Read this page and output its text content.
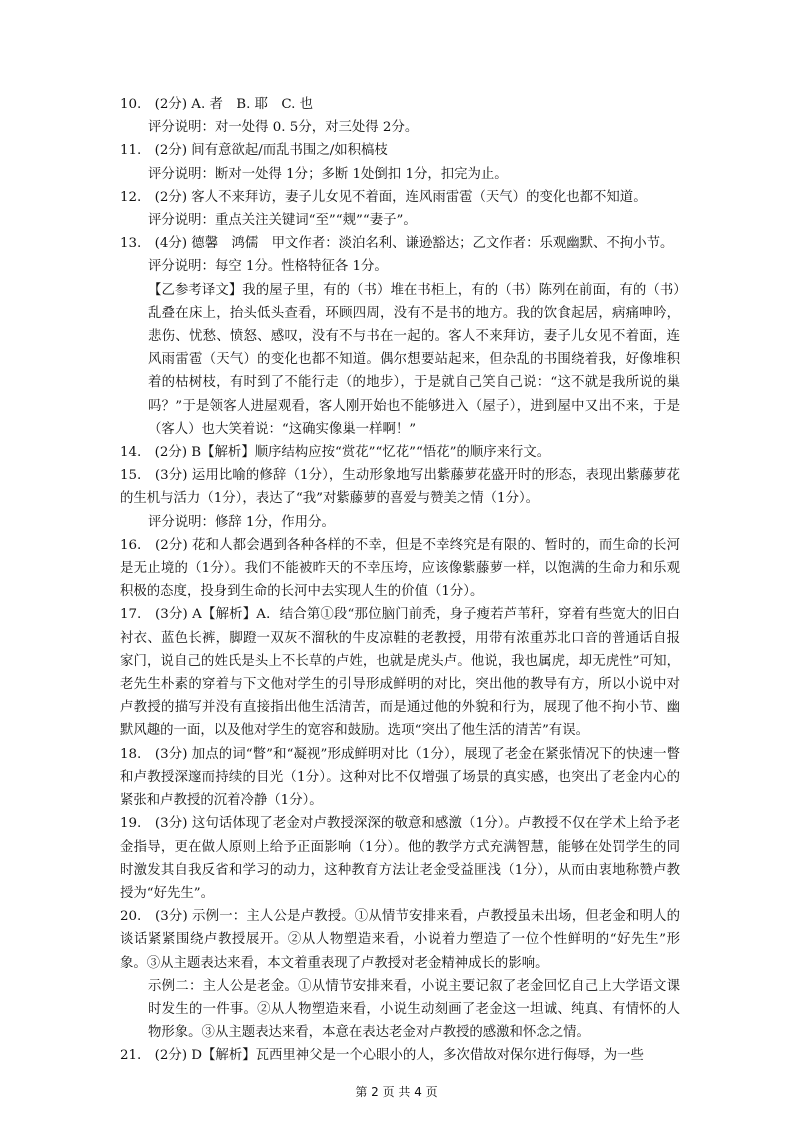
10.　(2分) A. 者　B. 耶　C. 也

评分说明：对一处得 0. 5分，对三处得 2分。

11.　(2分) 间有意欲起/而乱书围之/如积槁枝

评分说明：断对一处得 1分；多断 1处倒扣 1分，扣完为止。

12.　(2分) 客人不来拜访，妻子儿女见不着面，连风雨雷雹（天气）的变化也都不知道。

评分说明：重点关注关键词“至”“觌”“妻子”。

13.　(4分) 德馨　鸿儒　甲文作者：淡泊名利、谦逊豁达；乙文作者：乐观幽默、不拘小节。

评分说明：每空 1分。性格特征各 1分。

【乙参考译文】我的屋子里，有的（书）堆在书柜上，有的（书）陈列在前面，有的（书）乱叠在床上，抬头低头查看，环顾四周，没有不是书的地方。我的饮食起居，病痛呻吟，悲伤、忧愁、愤怒、感叹，没有不与书在一起的。客人不来拜访，妻子儿女见不着面，连风雨雷雹（天气）的变化也都不知道。偶尔想要站起来，但杂乱的书围绕着我，好像堆积着的枯树枝，有时到了不能行走（的地步），于是就自己笑自己说：“这不就是我所说的巢吗？”于是领客人进屋观看，客人刚开始也不能够进入（屋子），进到屋中又出不来，于是（客人）也大笑着说：“这确实像巢一样啊！”

14.　(2分) B【解析】顺序结构应按“赏花”“忆花”“悟花”的顺序来行文。

15.　(3分) 运用比喻的修辞（1分），生动形象地写出紫藤萝花盛开时的形态，表现出紫藤萝花的生机与活力（1分），表达了“我”对紫藤萝的喜爱与赞美之情（1分）。

评分说明：修辞 1分，作用分。

16.　(2分) 花和人都会遇到各种各样的不幸，但是不幸终究是有限的、暂时的，而生命的长河是无止境的（1分）。我们不能被昨天的不幸压垮，应该像紫藤萝一样，以饱满的生命力和乐观积极的态度，投身到生命的长河中去实现人生的价值（1分）。

17.　(3分) A【解析】A．结合第①段“那位脑门前秃，身子瘦若芦苇秆，穿着有些宽大的旧白衬衣、蓝色长裤，脚蹬一双灰不溜秋的牛皮凉鞋的老教授，用带有浓重苏北口音的普通话自报家门，说自己的姓氏是头上不长草的卢姓，也就是虎头卢。他说，我也属虎，却无虎性”可知，老先生朴素的穿着与下文他对学生的引导形成鲜明的对比，突出他的教导有方，所以小说中对卢教授的描写并没有直接指出他生活清苦，而是通过他的外貌和行为，展现了他不拘小节、幽默风趣的一面，以及他对学生的宽容和鼓励。选项“突出了他生活的清苦”有误。

18.　(3分) 加点的词“瞥”和“凝视”形成鲜明对比（1分），展现了老金在紧张情况下的快速一瞥和卢教授深邃而持续的目光（1分）。这种对比不仅增强了场景的真实感，也突出了老金内心的紧张和卢教授的沉着冷静（1分）。

19.　(3分) 这句话体现了老金对卢教授深深的敬意和感激（1分）。卢教授不仅在学术上给予老金指导，更在做人原则上给予正面影响（1分）。他的教学方式充满智慧，能够在处罚学生的同时激发其自我反省和学习的动力，这种教育方法让老金受益匪浅（1分），从而由衷地称赞卢教授为“好先生”。

20.　(3分) 示例一：主人公是卢教授。①从情节安排来看，卢教授虽未出场，但老金和明人的谈话紧紧围绕卢教授展开。②从人物塑造来看，小说着力塑造了一位个性鲜明的“好先生”形象。③从主题表达来看，本文着重表现了卢教授对老金精神成长的影响。

示例二：主人公是老金。①从情节安排来看，小说主要记叙了老金回忆自己上大学语文课时发生的一件事。②从人物塑造来看，小说生动刻画了老金这一坦诚、纯真、有情怀的人物形象。③从主题表达来看，本意在表达老金对卢教授的感激和怀念之情。

21.　(2分) D【解析】瓦西里神父是一个心眼小的人，多次借故对保尔进行侮辱，为一些

第 2 页 共 4 页
